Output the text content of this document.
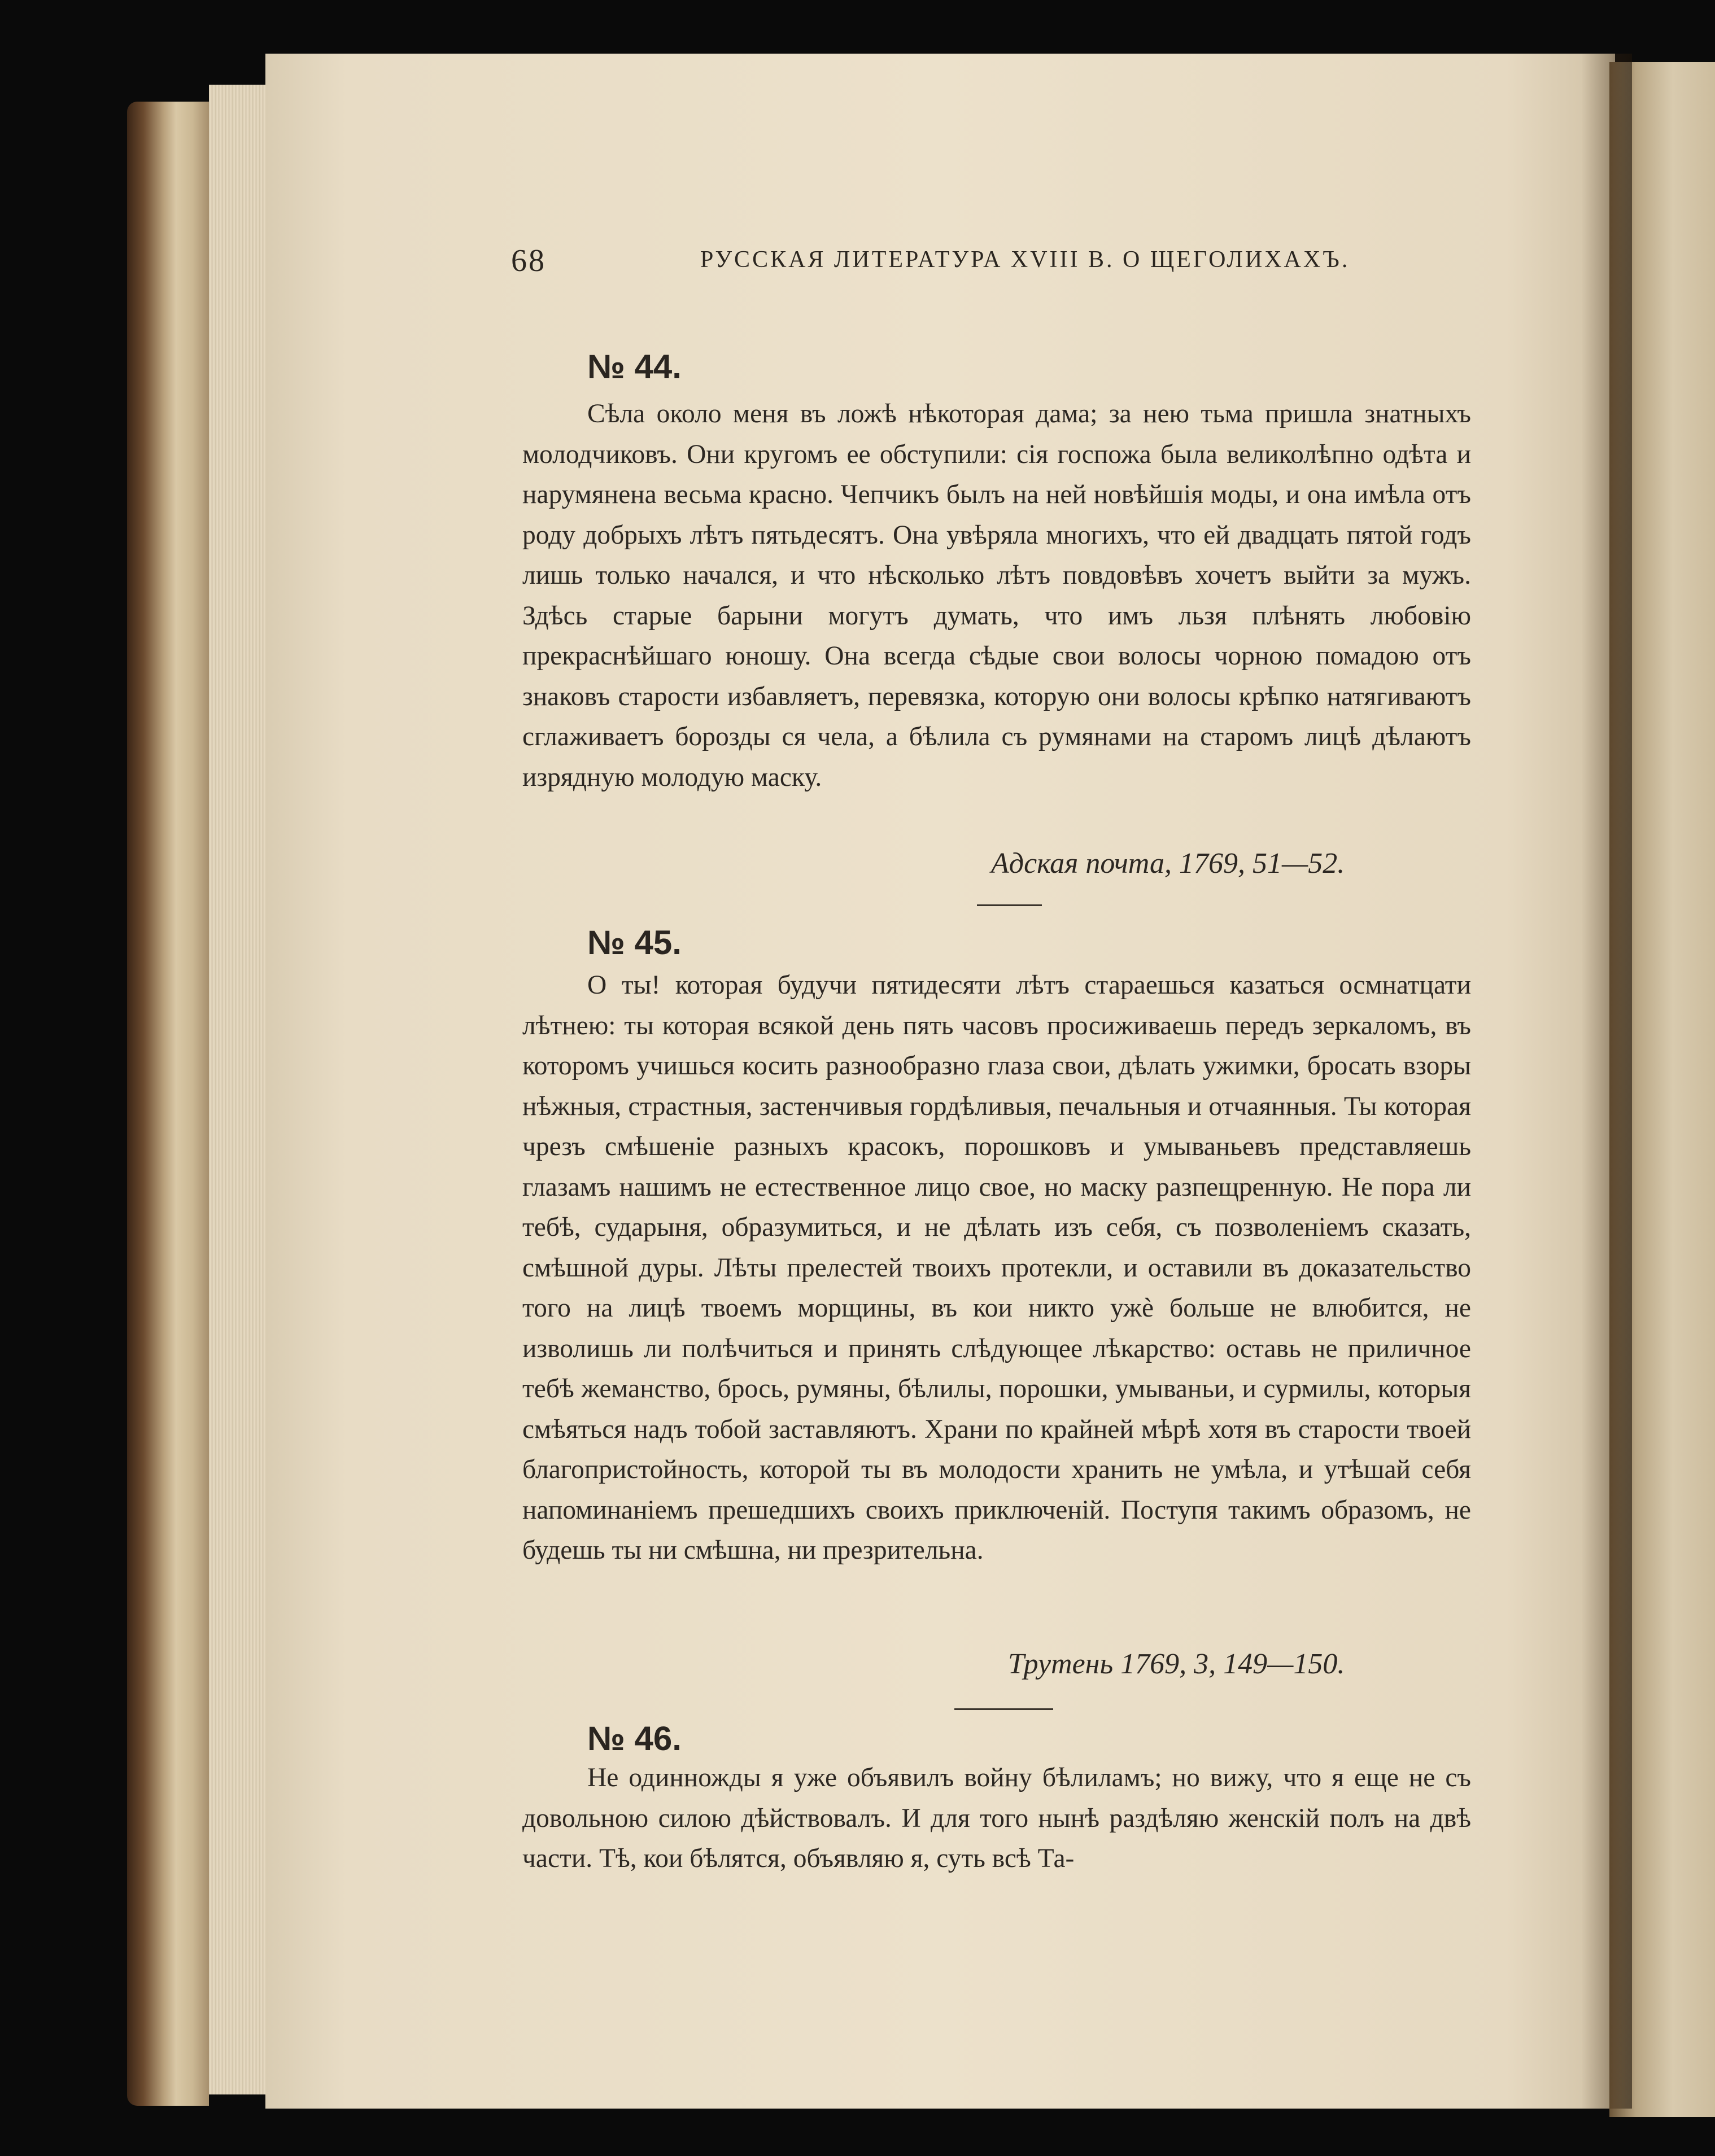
68	РУССКАЯ ЛИТЕРАТУРА XVIII В. О ЩЕГОЛИХАХЪ.
№ 44.

Сѣла около меня въ ложѣ нѣкоторая дама; за нею тьма пришла знатныхъ молодчиковъ. Они кругомъ ее обступили: сія госпожа была великолѣпно одѣта и нарумянена весьма красно. Чепчикъ былъ на ней новѣйшія моды, и она имѣла отъ роду добрыхъ лѣтъ пятьдесятъ. Она увѣряла многихъ, что ей двадцать пятой годъ лишь только начался, и что нѣсколько лѣтъ повдовѣвъ хочетъ выйти за мужъ. Здѣсь старые барыни могутъ думать, что имъ льзя плѣнять любовію прекраснѣйшаго юношу. Она всегда сѣдые свои волосы чорною помадою отъ знаковъ старости избавляетъ, перевязка, которую они волосы крѣпко натягиваютъ сглаживаетъ борозды ся чела, а бѣлила съ румянами на старомъ лицѣ дѣлаютъ изрядную молодую маску.

Адская почта, 1769, 51—52.
№ 45.

О ты! которая будучи пятидесяти лѣтъ стараешься казаться осмнатцати лѣтнею: ты которая всякой день пять часовъ просиживаешь передъ зеркаломъ, въ которомъ учишься косить разнообразно глаза свои, дѣлать ужимки, бросать взоры нѣжныя, страстныя, застенчивыя гордѣливыя, печальныя и отчаянныя. Ты которая чрезъ смѣшеніе разныхъ красокъ, порошковъ и умываньевъ представляешь глазамъ нашимъ не естественное лицо свое, но маску разпещренную. Не пора ли тебѣ, сударыня, образумиться, и не дѣлать изъ себя, съ позволеніемъ сказать, смѣшной дуры. Лѣты прелестей твоихъ протекли, и оставили въ доказательство того на лицѣ твоемъ морщины, въ кои никто ужѐ больше не влюбится, не изволишь ли полѣчиться и принять слѣдующее лѣкарство: оставь не приличное тебѣ жеманство, брось, румяны, бѣлилы, порошки, умываньи, и сурмилы, которыя смѣяться надъ тобой заставляютъ. Храни по крайней мѣрѣ хотя въ старости твоей благопристойность, которой ты въ молодости хранить не умѣла, и утѣшай себя напоминаніемъ прешедшихъ своихъ приключеній. Поступя такимъ образомъ, не будешь ты ни смѣшна, ни презрительна.

Трутень 1769, 3, 149—150.
№ 46.

Не одинножды я уже объявилъ войну бѣлиламъ; но вижу, что я еще не съ довольною силою дѣйствовалъ. И для того нынѣ раздѣляю женскій полъ на двѣ части. Тѣ, кои бѣлятся, объявляю я, суть всѣ Та-
